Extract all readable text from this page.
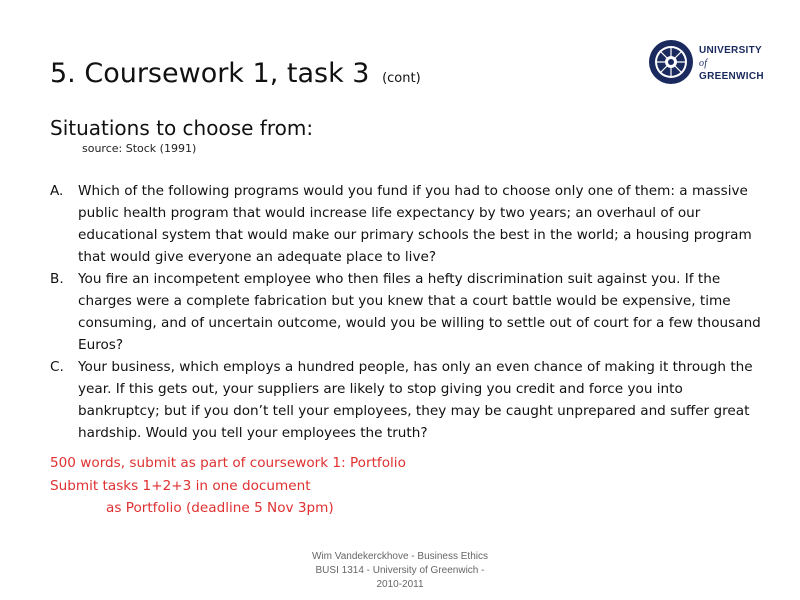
5. Coursework 1, task 3 (cont)
UNIVERSITY
of
GREENWICH
Situations to choose from:
source: Stock (1991)
A.	Which of the following programs would you fund if you had to choose only one of them: a massive public health program that would increase life expectancy by two years; an overhaul of our educational system that would make our primary schools the best in the world; a housing program that would give everyone an adequate place to live?
B.	You fire an incompetent employee who then files a hefty discrimination suit against you. If the charges were a complete fabrication but you knew that a court battle would be expensive, time consuming, and of uncertain outcome, would you be willing to settle out of court for a few thousand Euros?
C.	Your business, which employs a hundred people, has only an even chance of making it through the year. If this gets out, your suppliers are likely to stop giving you credit and force you into bankruptcy; but if you don’t tell your employees, they may be caught unprepared and suffer great hardship. Would you tell your employees the truth?
500 words, submit as part of coursework 1: Portfolio
Submit tasks 1+2+3 in one document
as Portfolio (deadline 5 Nov 3pm)
Wim Vandekerckhove - Business Ethics
BUSI 1314 - University of Greenwich -
2010-2011
